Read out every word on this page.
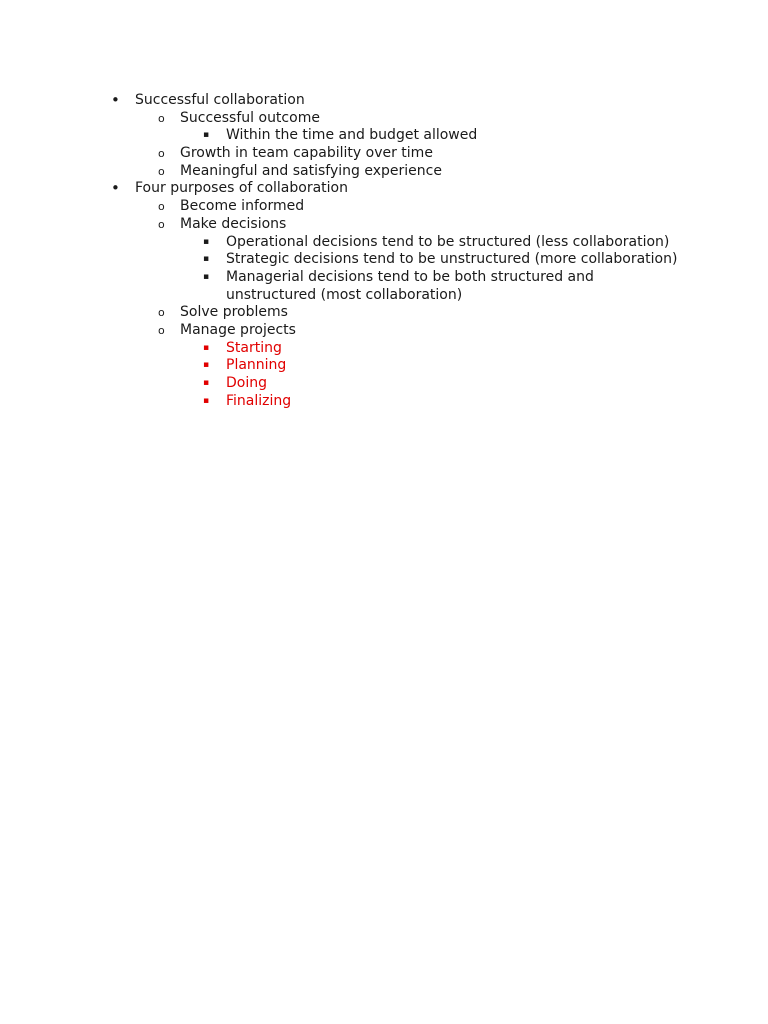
• Successful collaboration
o Successful outcome
▪ Within the time and budget allowed
o Growth in team capability over time
o Meaningful and satisfying experience
• Four purposes of collaboration
o Become informed
o Make decisions
▪ Operational decisions tend to be structured (less collaboration)
▪ Strategic decisions tend to be unstructured (more collaboration)
▪ Managerial decisions tend to be both structured and unstructured (most collaboration)
o Solve problems
o Manage projects
▪ Starting
▪ Planning
▪ Doing
▪ Finalizing
